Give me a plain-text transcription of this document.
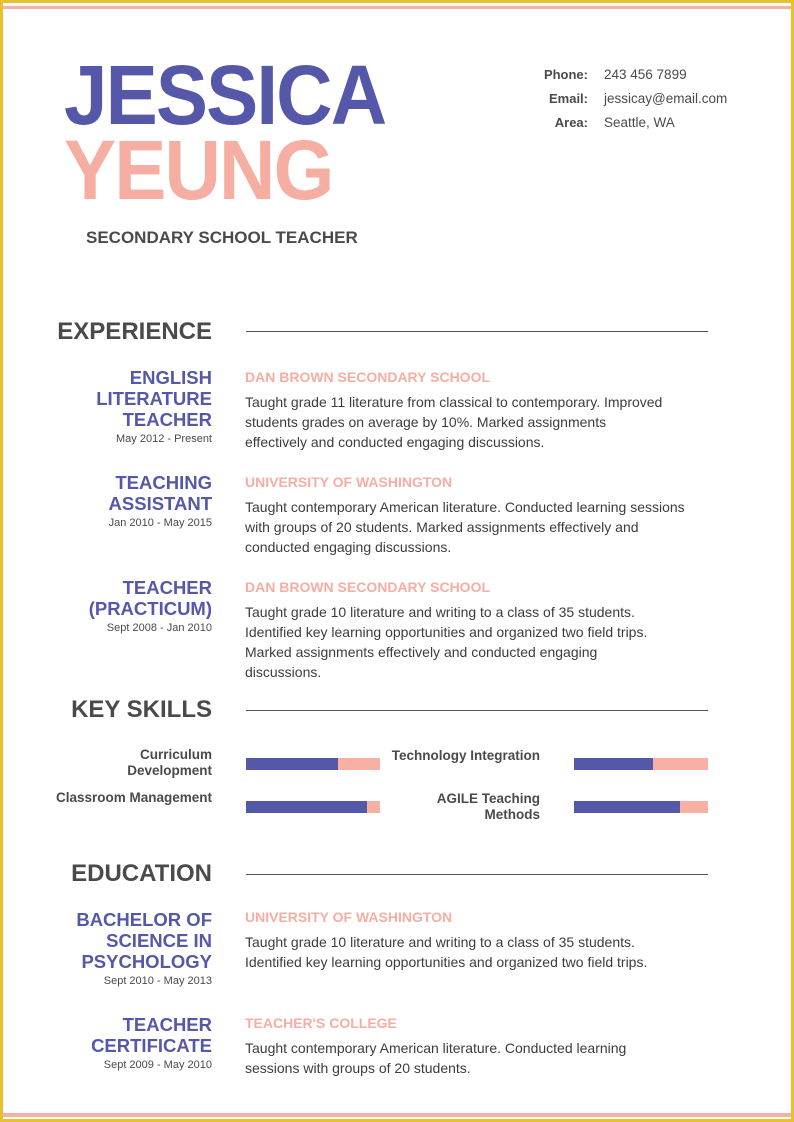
JESSICA
YEUNG
SECONDARY SCHOOL TEACHER
Phone: 243 456 7899
Email: jessicay@email.com
Area: Seattle, WA
EXPERIENCE
ENGLISH LITERATURE TEACHER
May 2012 - Present
DAN BROWN SECONDARY SCHOOL
Taught grade 11 literature from classical to contemporary. Improved students grades on average by 10%. Marked assignments effectively and conducted engaging discussions.
TEACHING ASSISTANT
Jan 2010 - May 2015
UNIVERSITY OF WASHINGTON
Taught contemporary American literature. Conducted learning sessions with groups of 20 students. Marked assignments effectively and conducted engaging discussions.
TEACHER (PRACTICUM)
Sept 2008 - Jan 2010
DAN BROWN SECONDARY SCHOOL
Taught grade 10 literature and writing to a class of 35 students. Identified key learning opportunities and organized two field trips. Marked assignments effectively and conducted engaging discussions.
KEY SKILLS
Curriculum Development
Technology Integration
Classroom Management	AGILE Teaching Methods
EDUCATION
BACHELOR OF SCIENCE IN PSYCHOLOGY
Sept 2010 - May 2013
UNIVERSITY OF WASHINGTON
Taught grade 10 literature and writing to a class of 35 students. Identified key learning opportunities and organized two field trips.
TEACHER CERTIFICATE
Sept 2009 - May 2010
TEACHER'S COLLEGE
Taught contemporary American literature. Conducted learning sessions with groups of 20 students.
